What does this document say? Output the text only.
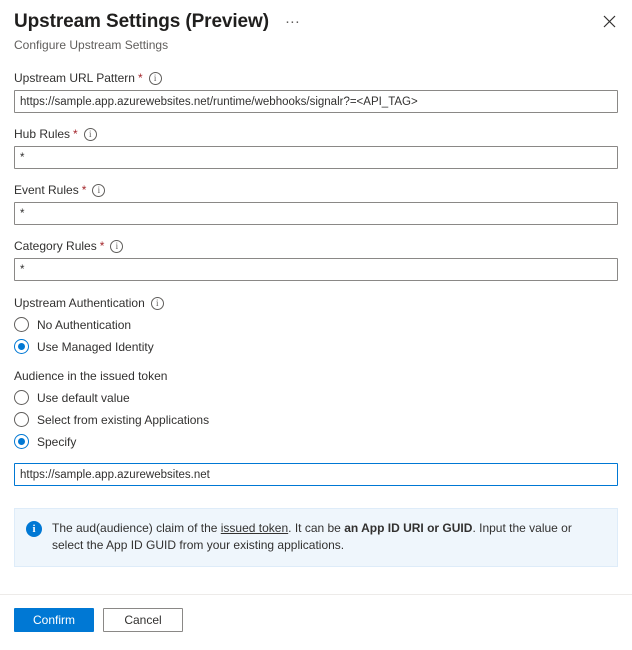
Upstream Settings (Preview) ···
Configure Upstream Settings
Upstream URL Pattern *	i
https://sample.app.azurewebsites.net/runtime/webhooks/signalr?=<API_TAG>
Hub Rules *	i
*
Event Rules *	i
*
Category Rules *	i
*
Upstream Authentication	i
No Authentication
Use Managed Identity
Audience in the issued token
Use default value
Select from existing Applications
Specify
https://sample.app.azurewebsites.net
i	The aud(audience) claim of the issued token. It can be an App ID URI or GUID. Input the value or select the App ID GUID from your existing applications.
Confirm	Cancel
